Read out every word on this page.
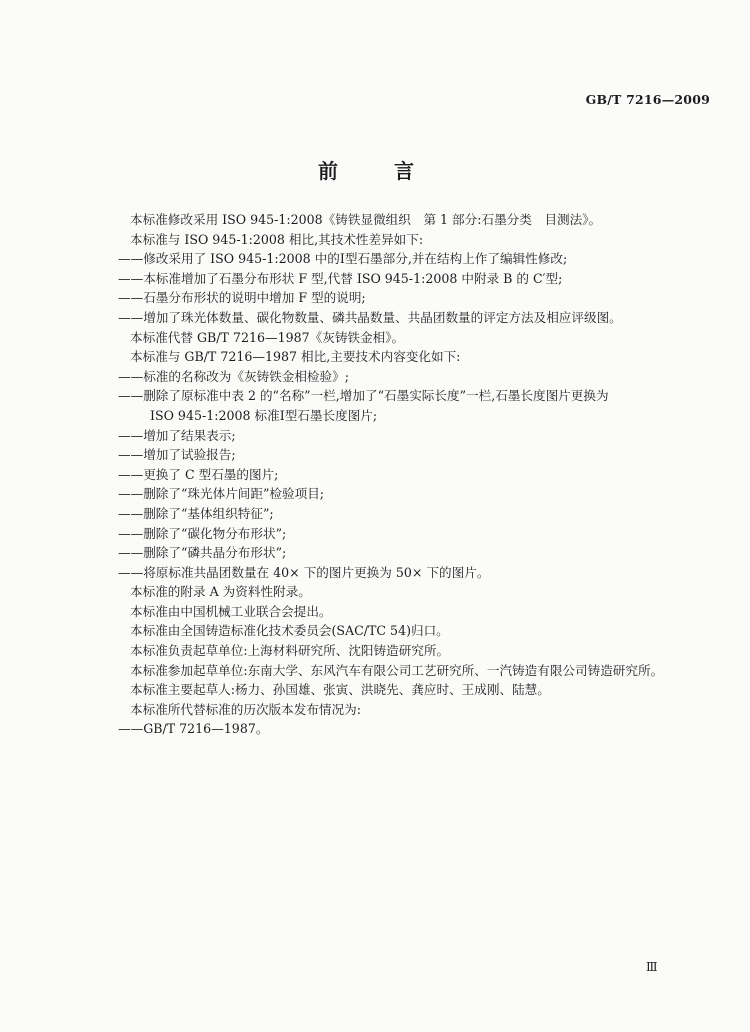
GB/T 7216—2009
前　言
本标准修改采用 ISO 945-1:2008《铸铁显微组织　第 1 部分:石墨分类　目测法》。
本标准与 ISO 945-1:2008 相比,其技术性差异如下:
——修改采用了 ISO 945-1:2008 中的Ⅰ型石墨部分,并在结构上作了编辑性修改;
——本标准增加了石墨分布形状 F 型,代替 ISO 945-1:2008 中附录 B 的 C′型;
——石墨分布形状的说明中增加 F 型的说明;
——增加了珠光体数量、碳化物数量、磷共晶数量、共晶团数量的评定方法及相应评级图。
本标准代替 GB/T 7216—1987《灰铸铁金相》。
本标准与 GB/T 7216—1987 相比,主要技术内容变化如下:
——标准的名称改为《灰铸铁金相检验》;
——删除了原标准中表 2 的“名称”一栏,增加了“石墨实际长度”一栏,石墨长度图片更换为
ISO 945-1:2008 标准Ⅰ型石墨长度图片;
——增加了结果表示;
——增加了试验报告;
——更换了 C 型石墨的图片;
——删除了“珠光体片间距”检验项目;
——删除了“基体组织特征”;
——删除了“碳化物分布形状”;
——删除了“磷共晶分布形状”;
——将原标准共晶团数量在 40× 下的图片更换为 50× 下的图片。
本标准的附录 A 为资料性附录。
本标准由中国机械工业联合会提出。
本标准由全国铸造标准化技术委员会(SAC/TC 54)归口。
本标准负责起草单位:上海材料研究所、沈阳铸造研究所。
本标准参加起草单位:东南大学、东风汽车有限公司工艺研究所、一汽铸造有限公司铸造研究所。
本标准主要起草人:杨力、孙国雄、张寅、洪晓先、龚应时、王成刚、陆慧。
本标准所代替标准的历次版本发布情况为:
——GB/T 7216—1987。
Ⅲ
